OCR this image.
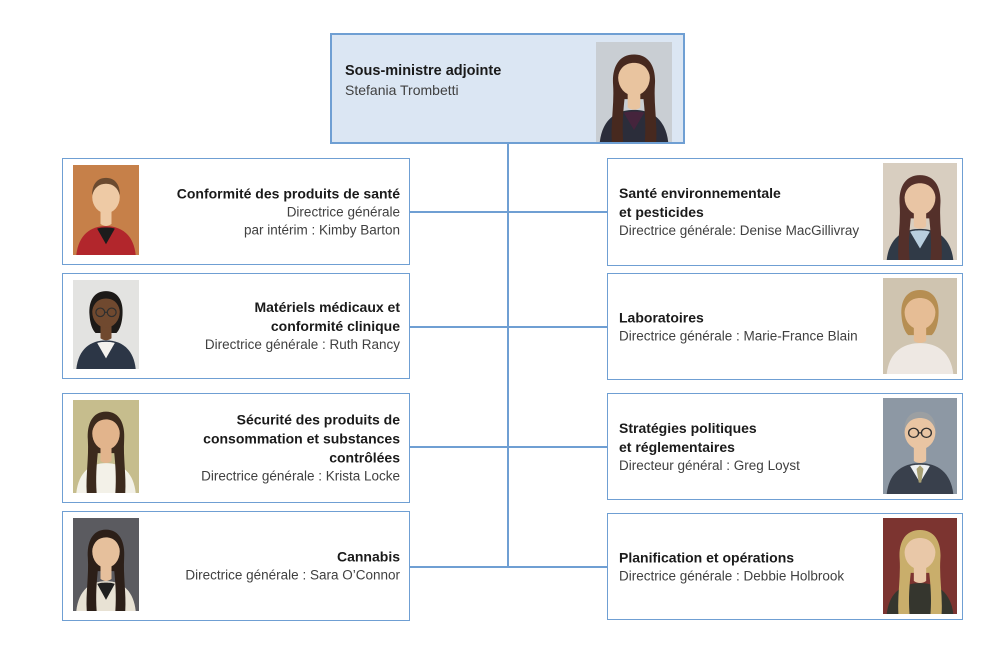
Sous-ministre adjointe
Stefania Trombetti
Conformité des produits de santé
Directrice générale
par intérim : Kimby Barton
Matériels médicaux et
conformité clinique
Directrice générale : Ruth Rancy
Sécurité des produits de
consommation et substances
contrôlées
Directrice générale : Krista Locke
Cannabis
Directrice générale : Sara O’Connor
Santé environnementale
et pesticides
Directrice générale: Denise MacGillivray
Laboratoires
Directrice générale : Marie-France Blain
Stratégies politiques
et réglementaires
Directeur général : Greg Loyst
Planification et opérations
Directrice générale : Debbie Holbrook
